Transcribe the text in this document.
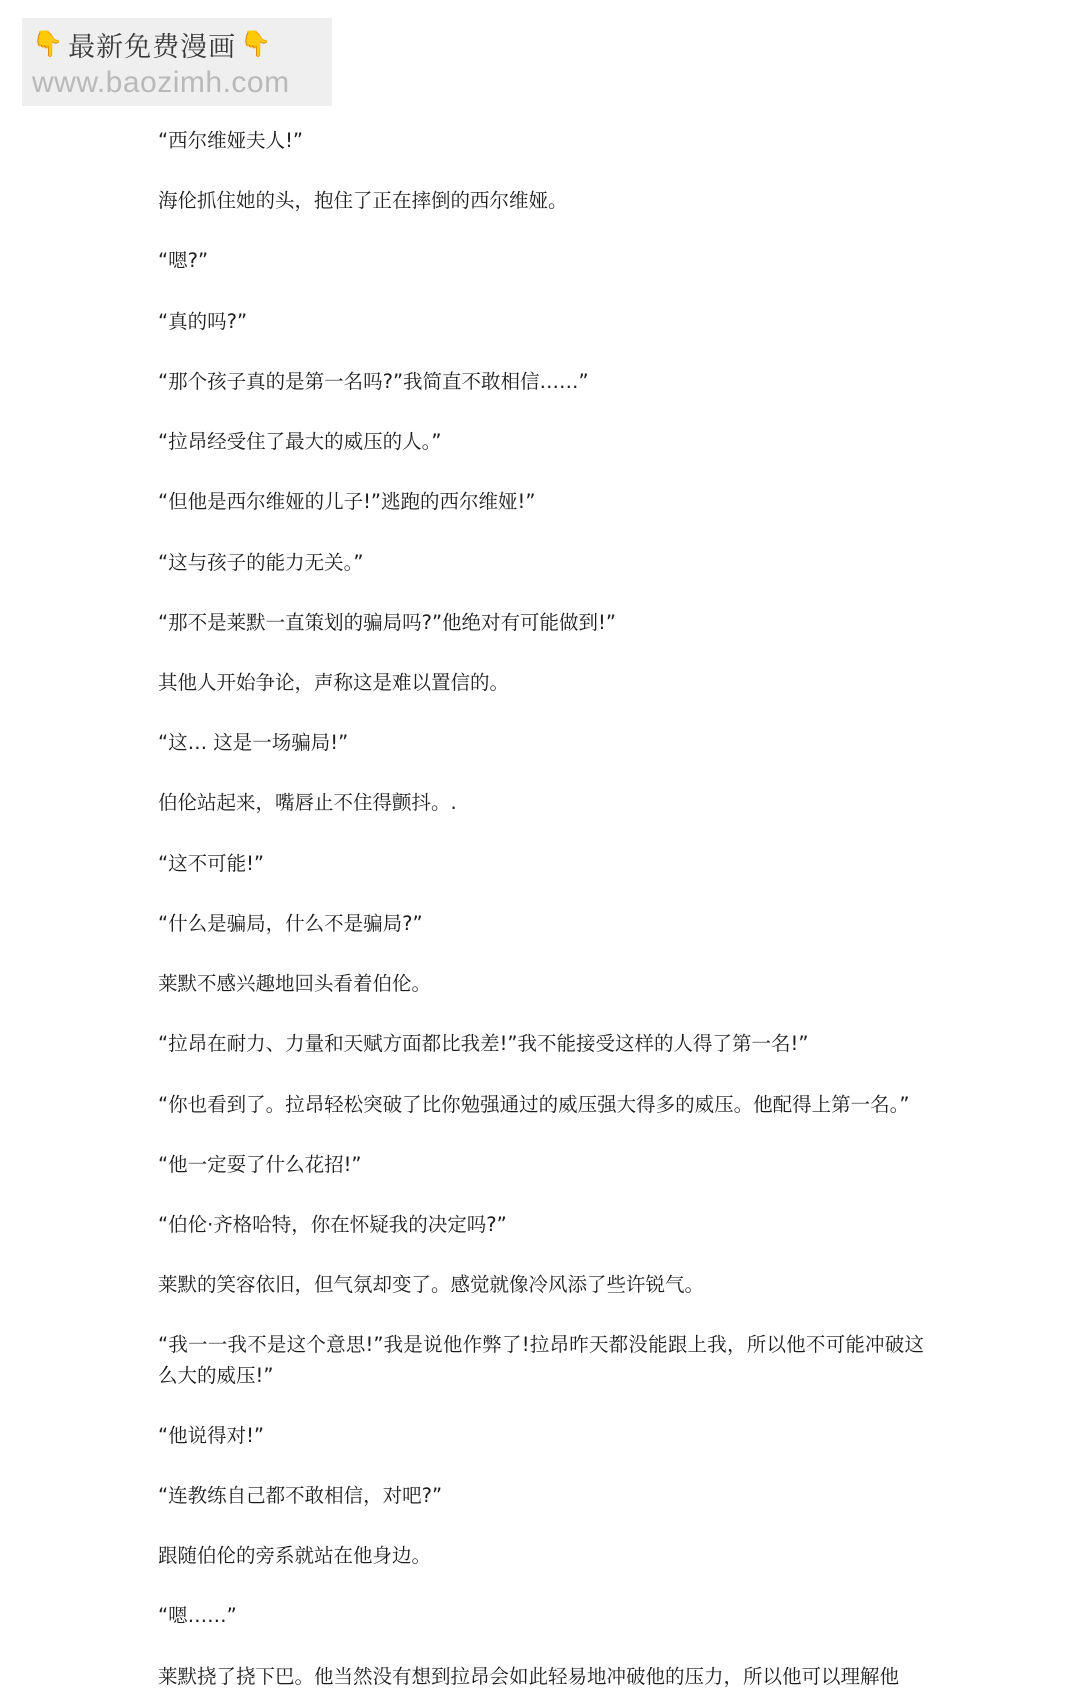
👇 最新免费漫画 👇
www.baozimh.com

“西尔维娅夫人!”

海伦抓住她的头，抱住了正在摔倒的西尔维娅。

“嗯?”

“真的吗?”

“那个孩子真的是第一名吗?”我简直不敢相信……”

“拉昂经受住了最大的威压的人。”

“但他是西尔维娅的儿子!”逃跑的西尔维娅!”

“这与孩子的能力无关。”

“那不是莱默一直策划的骗局吗?”他绝对有可能做到!”

其他人开始争论，声称这是难以置信的。

“这… 这是一场骗局!”

伯伦站起来，嘴唇止不住得颤抖。.

“这不可能!”

“什么是骗局，什么不是骗局?”

莱默不感兴趣地回头看着伯伦。

“拉昂在耐力、力量和天赋方面都比我差!”我不能接受这样的人得了第一名!”

“你也看到了。拉昂轻松突破了比你勉强通过的威压强大得多的威压。他配得上第一名。”

“他一定耍了什么花招!”

“伯伦·齐格哈特，你在怀疑我的决定吗?”

莱默的笑容依旧，但气氛却变了。感觉就像冷风添了些许锐气。

“我一一我不是这个意思!”我是说他作弊了!拉昂昨天都没能跟上我，所以他不可能冲破这么大的威压!”

“他说得对!”

“连教练自己都不敢相信，对吧?”

跟随伯伦的旁系就站在他身边。

“嗯……”

莱默挠了挠下巴。他当然没有想到拉昂会如此轻易地冲破他的压力，所以他可以理解他
